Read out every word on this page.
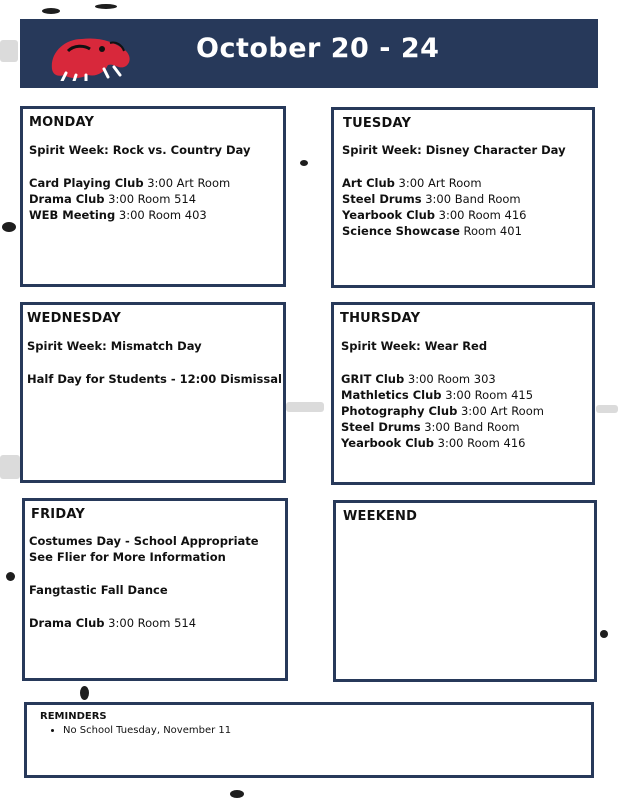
October 20 - 24
MONDAY
Spirit Week: Rock vs. Country Day
Card Playing Club 3:00 Art Room
Drama Club 3:00 Room 514
WEB Meeting 3:00 Room 403
TUESDAY
Spirit Week: Disney Character Day
Art Club 3:00 Art Room
Steel Drums 3:00 Band Room
Yearbook Club 3:00 Room 416
Science Showcase Room 401
WEDNESDAY
Spirit Week: Mismatch Day
Half Day for Students - 12:00 Dismissal
THURSDAY
Spirit Week: Wear Red
GRIT Club 3:00 Room 303
Mathletics Club 3:00 Room 415
Photography Club 3:00 Art Room
Steel Drums 3:00 Band Room
Yearbook Club 3:00 Room 416
FRIDAY
Costumes Day - School Appropriate
See Flier for More Information
Fangtastic Fall Dance
Drama Club 3:00 Room 514
WEEKEND
REMINDERS
• No School Tuesday, November 11
